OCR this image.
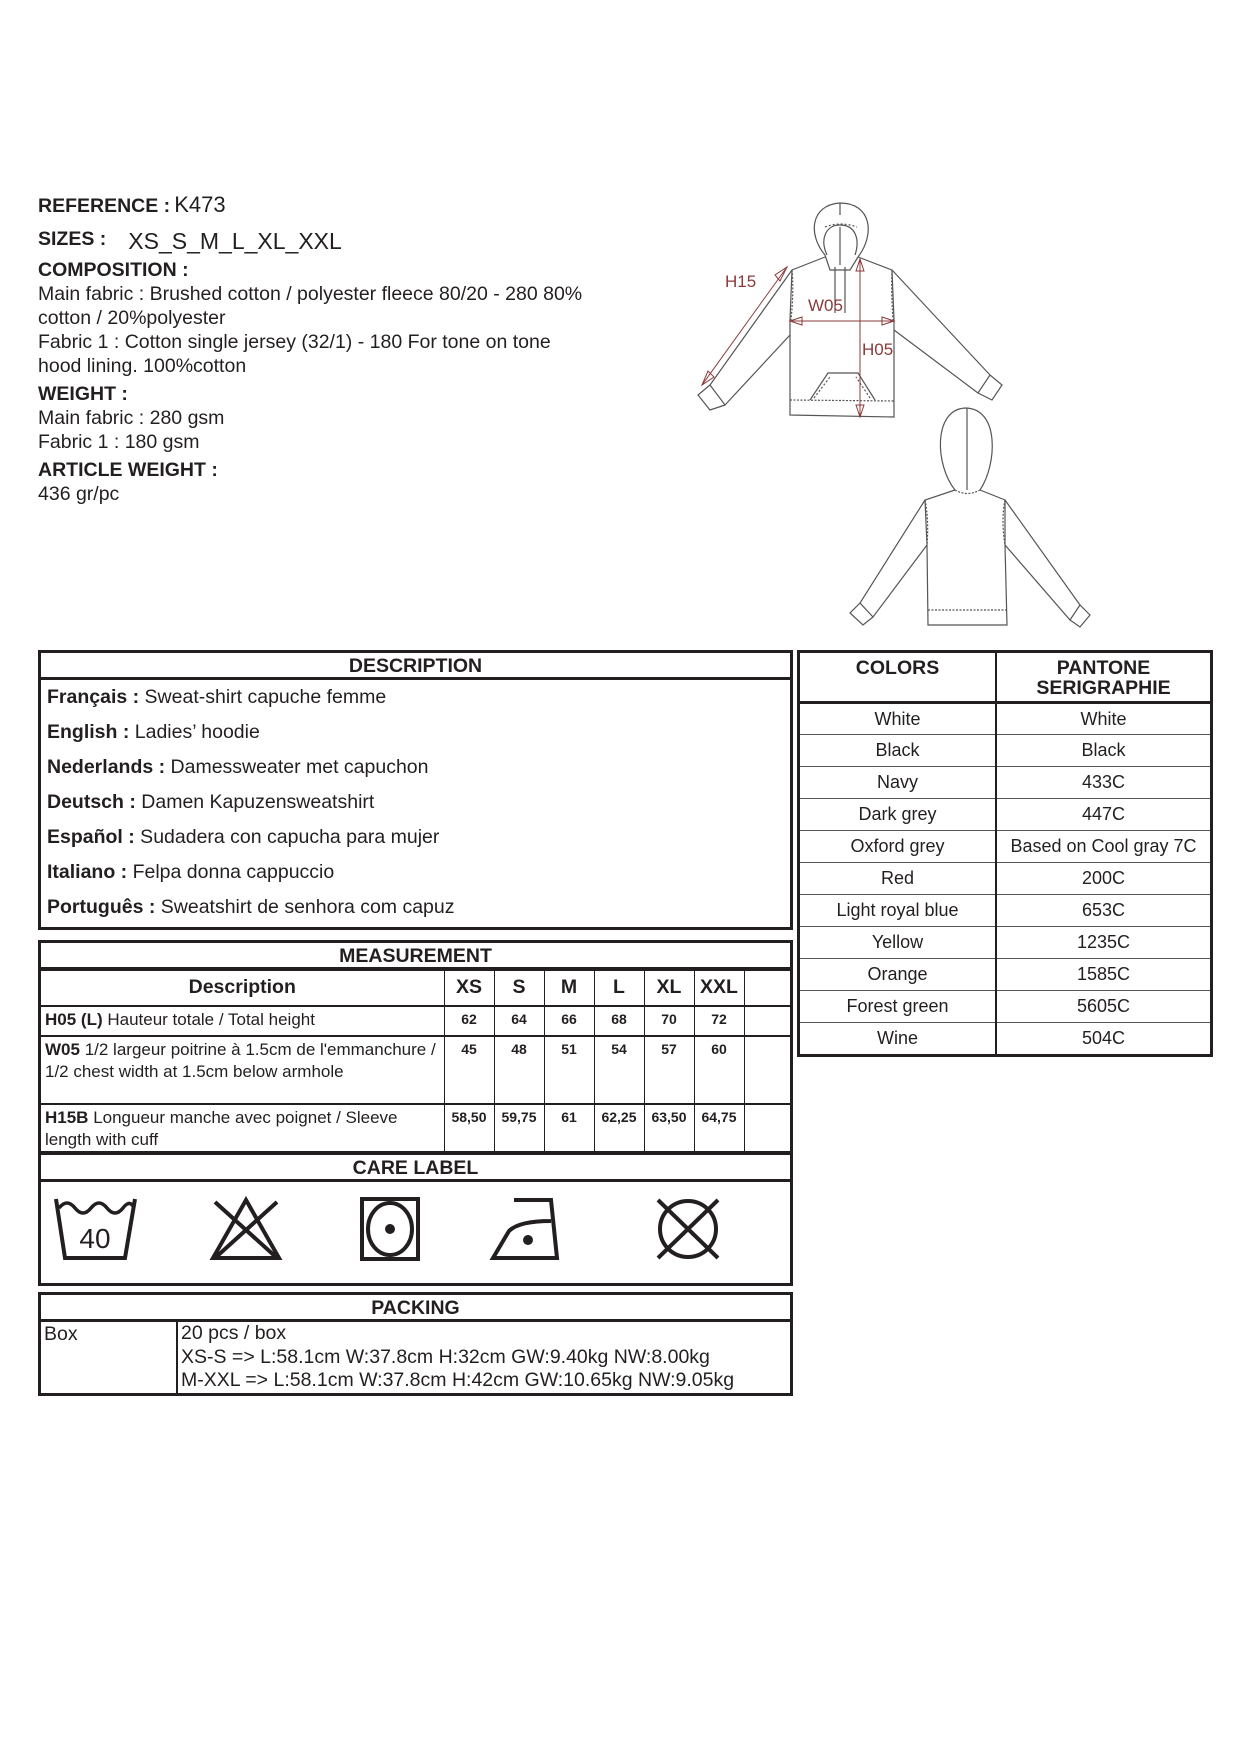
REFERENCE : K473
SIZES : XS_S_M_L_XL_XXL
COMPOSITION :
Main fabric : Brushed cotton / polyester fleece 80/20 - 280 80%
cotton / 20%polyester
Fabric 1 : Cotton single jersey (32/1) - 180 For tone on tone
hood lining. 100%cotton
WEIGHT :
Main fabric : 280 gsm
Fabric 1 : 180 gsm
ARTICLE WEIGHT :
436 gr/pc
H15
W05
H05
DESCRIPTION
Français : Sweat-shirt capuche femme
English : Ladies’ hoodie
Nederlands : Damessweater met capuchon
Deutsch : Damen Kapuzensweatshirt
Español : Sudadera con capucha para mujer
Italiano : Felpa donna cappuccio
Português : Sweatshirt de senhora com capuz
COLORS	PANTONE SERIGRAPHIE
White	White
Black	Black
Navy	433C
Dark grey	447C
Oxford grey	Based on Cool gray 7C
Red	200C
Light royal blue	653C
Yellow	1235C
Orange	1585C
Forest green	5605C
Wine	504C
MEASUREMENT
Description	XS	S	M	L	XL	XXL	
H05 (L) Hauteur totale / Total height	62	64	66	68	70	72	
W05 1/2 largeur poitrine à 1.5cm de l'emmanchure / 1/2 chest width at 1.5cm below armhole	45	48	51	54	57	60	
H15B Longueur manche avec poignet / Sleeve length with cuff	58,50	59,75	61	62,25	63,50	64,75	
CARE LABEL
40
PACKING
Box	20 pcs / box
XS-S => L:58.1cm W:37.8cm H:32cm GW:9.40kg NW:8.00kg
M-XXL => L:58.1cm W:37.8cm H:42cm GW:10.65kg NW:9.05kg
